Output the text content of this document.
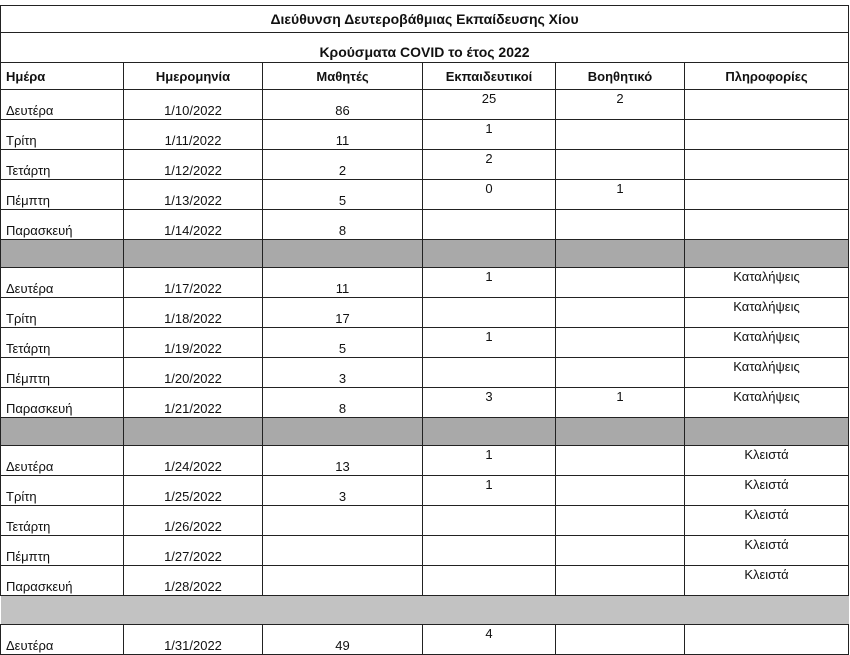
Διεύθυνση Δευτεροβάθμιας Εκπαίδευσης Χίου					
Κρούσματα COVID το έτος 2022					
Ημέρα	Ημερομηνία	Μαθητές	Εκπαιδευτικοί	Βοηθητικό	Πληροφορίες
Δευτέρα	1/10/2022	86	25	2	
Τρίτη	1/11/2022	11	1		
Τετάρτη	1/12/2022	2	2		
Πέμπτη	1/13/2022	5	0	1	
Παρασκευή	1/14/2022	8			

Δευτέρα	1/17/2022	11	1		Καταλήψεις
Τρίτη	1/18/2022	17			Καταλήψεις
Τετάρτη	1/19/2022	5	1		Καταλήψεις
Πέμπτη	1/20/2022	3			Καταλήψεις
Παρασκευή	1/21/2022	8	3	1	Καταλήψεις

Δευτέρα	1/24/2022	13	1		Κλειστά
Τρίτη	1/25/2022	3	1		Κλειστά
Τετάρτη	1/26/2022				Κλειστά
Πέμπτη	1/27/2022				Κλειστά
Παρασκευή	1/28/2022				Κλειστά

Δευτέρα	1/31/2022	49	4		
